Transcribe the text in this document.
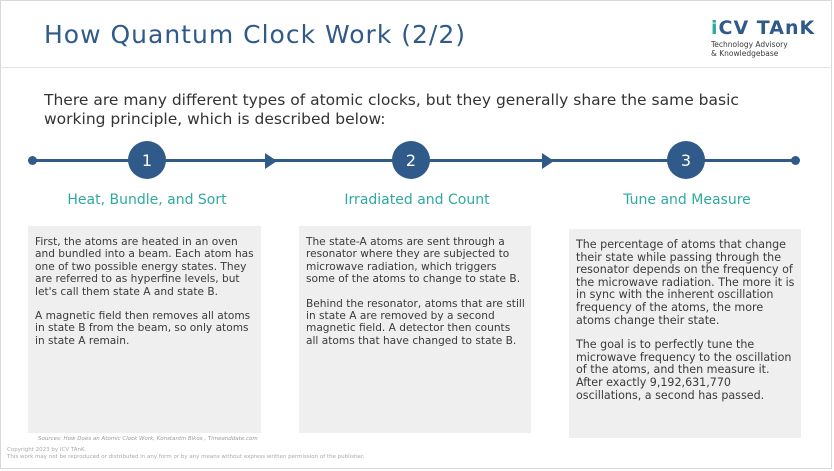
How Quantum Clock Work (2/2)	iCV TAnK
Technology Advisory
& Knowledgebase
There are many different types of atomic clocks, but they generally share the same basic working principle, which is described below:
1	2	3
Heat, Bundle, and Sort	Irradiated and Count	Tune and Measure

First, the atoms are heated in an oven and bundled into a beam. Each atom has one of two possible energy states. They are referred to as hyperfine levels, but let's call them state A and state B.

A magnetic field then removes all atoms in state B from the beam, so only atoms in state A remain.

The state-A atoms are sent through a resonator where they are subjected to microwave radiation, which triggers some of the atoms to change to state B.

Behind the resonator, atoms that are still in state A are removed by a second magnetic field. A detector then counts all atoms that have changed to state B.

The percentage of atoms that change their state while passing through the resonator depends on the frequency of the microwave radiation. The more it is in sync with the inherent oscillation frequency of the atoms, the more atoms change their state.

The goal is to perfectly tune the microwave frequency to the oscillation of the atoms, and then measure it. After exactly 9,192,631,770 oscillations, a second has passed.

Sources: How Does an Atomic Clock Work, Konstantin Bikos , Timeanddate.com
Copyright 2023 by ICV TAnK.
This work may not be reproduced or distributed in any form or by any means without express written permission of the publisher.
